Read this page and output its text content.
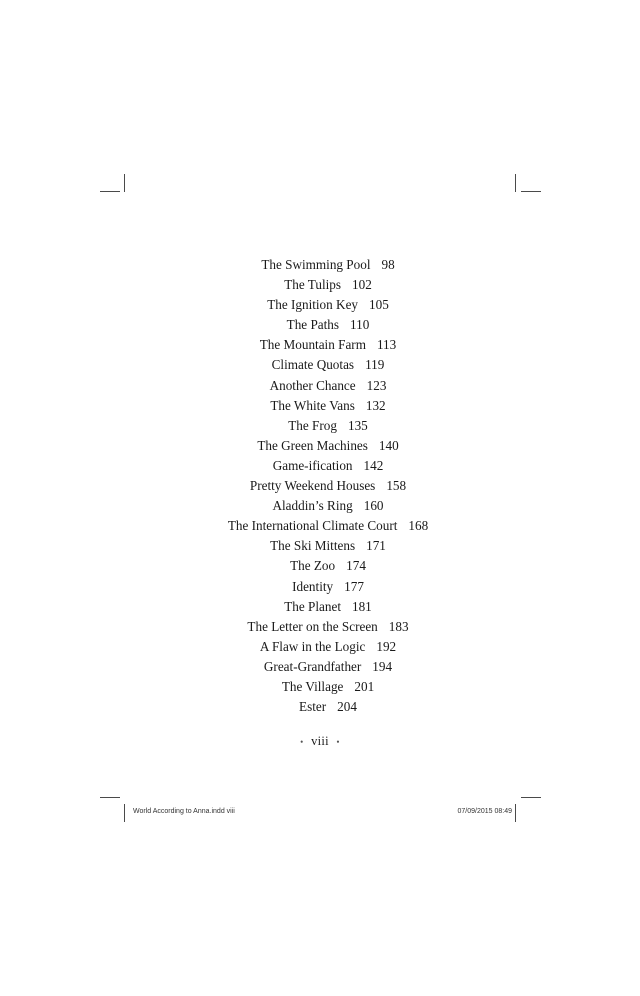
The Swimming Pool 98
The Tulips 102
The Ignition Key 105
The Paths 110
The Mountain Farm 113
Climate Quotas 119
Another Chance 123
The White Vans 132
The Frog 135
The Green Machines 140
Game-ification 142
Pretty Weekend Houses 158
Aladdin’s Ring 160
The International Climate Court 168
The Ski Mittens 171
The Zoo 174
Identity 177
The Planet 181
The Letter on the Screen 183
A Flaw in the Logic 192
Great-Grandfather 194
The Village 201
Ester 204
• viii •
World According to Anna.indd viii	07/09/2015 08:49
